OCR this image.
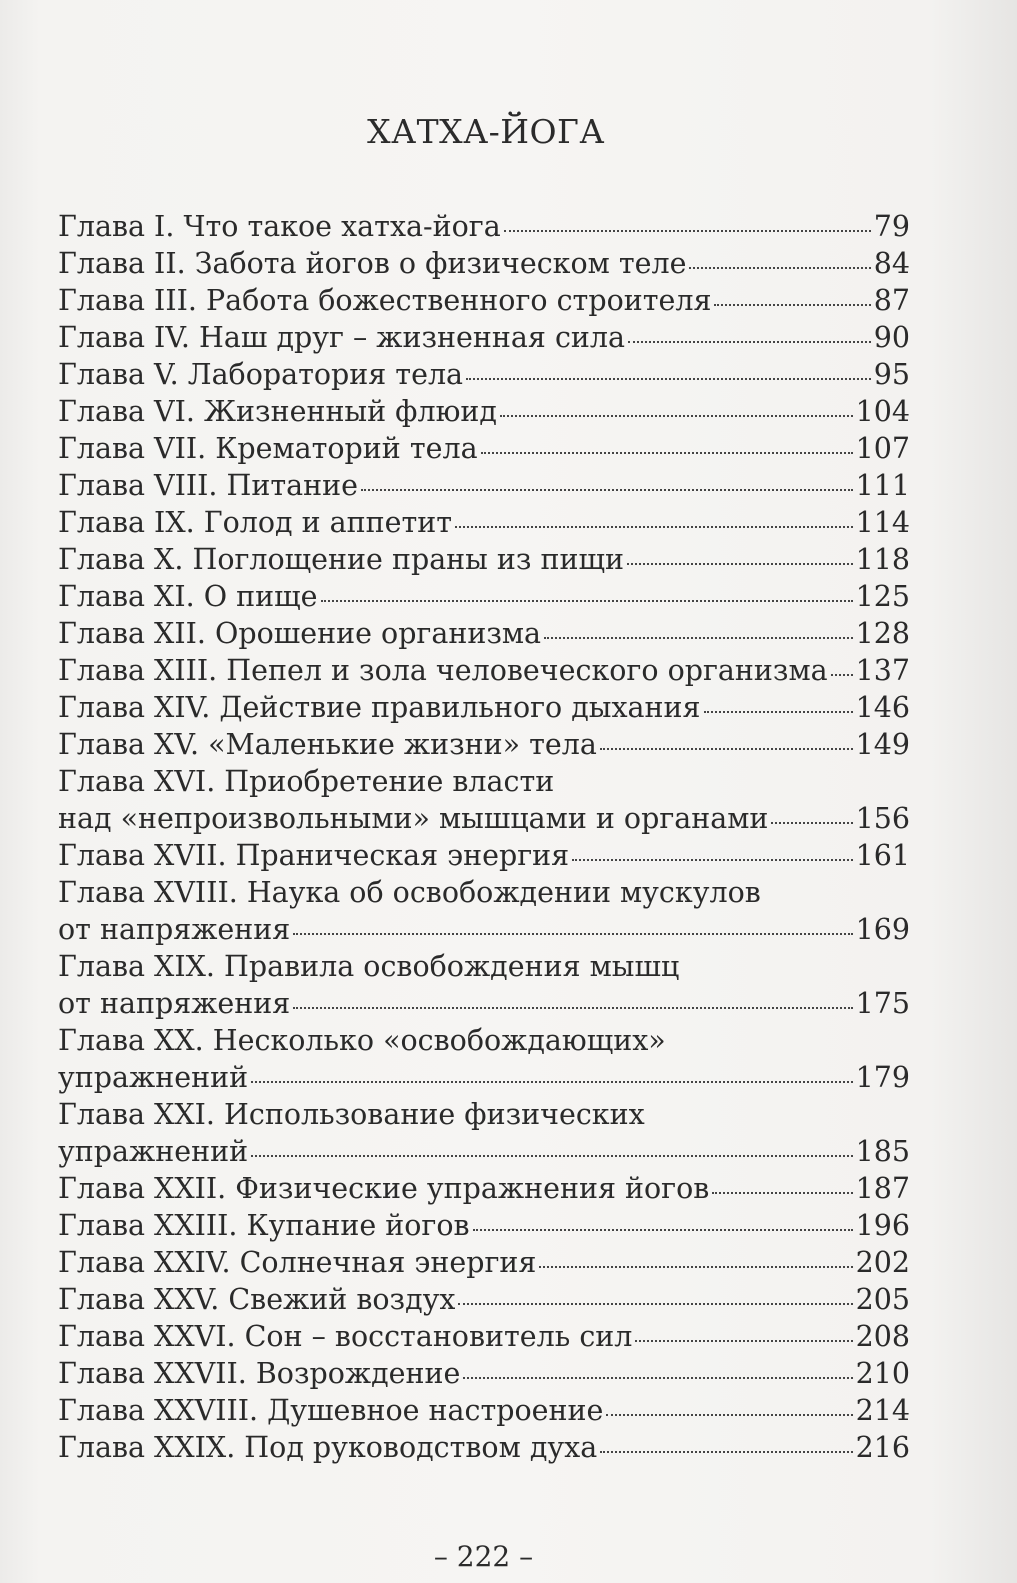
ХАТХА-ЙОГА
Глава I. Что такое хатха-йога	79
Глава II. Забота йогов о физическом теле	84
Глава III. Работа божественного строителя	87
Глава IV. Наш друг – жизненная сила	90
Глава V. Лаборатория тела	95
Глава VI. Жизненный флюид	104
Глава VII. Крематорий тела	107
Глава VIII. Питание	111
Глава IX. Голод и аппетит	114
Глава X. Поглощение праны из пищи	118
Глава XI. О пище	125
Глава XII. Орошение организма	128
Глава XIII. Пепел и зола человеческого организма 137
Глава XIV. Действие правильного дыхания	146
Глава XV. «Маленькие жизни» тела	149
Глава XVI. Приобретение власти
над «непроизвольными» мышцами и органами	156
Глава XVII. Праническая энергия	161
Глава XVIII. Наука об освобождении мускулов
от напряжения	169
Глава XIX. Правила освобождения мышц
от напряжения	175
Глава XX. Несколько «освобождающих»
упражнений	179
Глава XXI. Использование физических
упражнений	185
Глава XXII. Физические упражнения йогов	187
Глава XXIII. Купание йогов	196
Глава XXIV. Солнечная энергия	202
Глава XXV. Свежий воздух	205
Глава XXVI. Сон – восстановитель сил	208
Глава XXVII. Возрождение	210
Глава XXVIII. Душевное настроение	214
Глава XXIX. Под руководством духа	216
– 222 –
